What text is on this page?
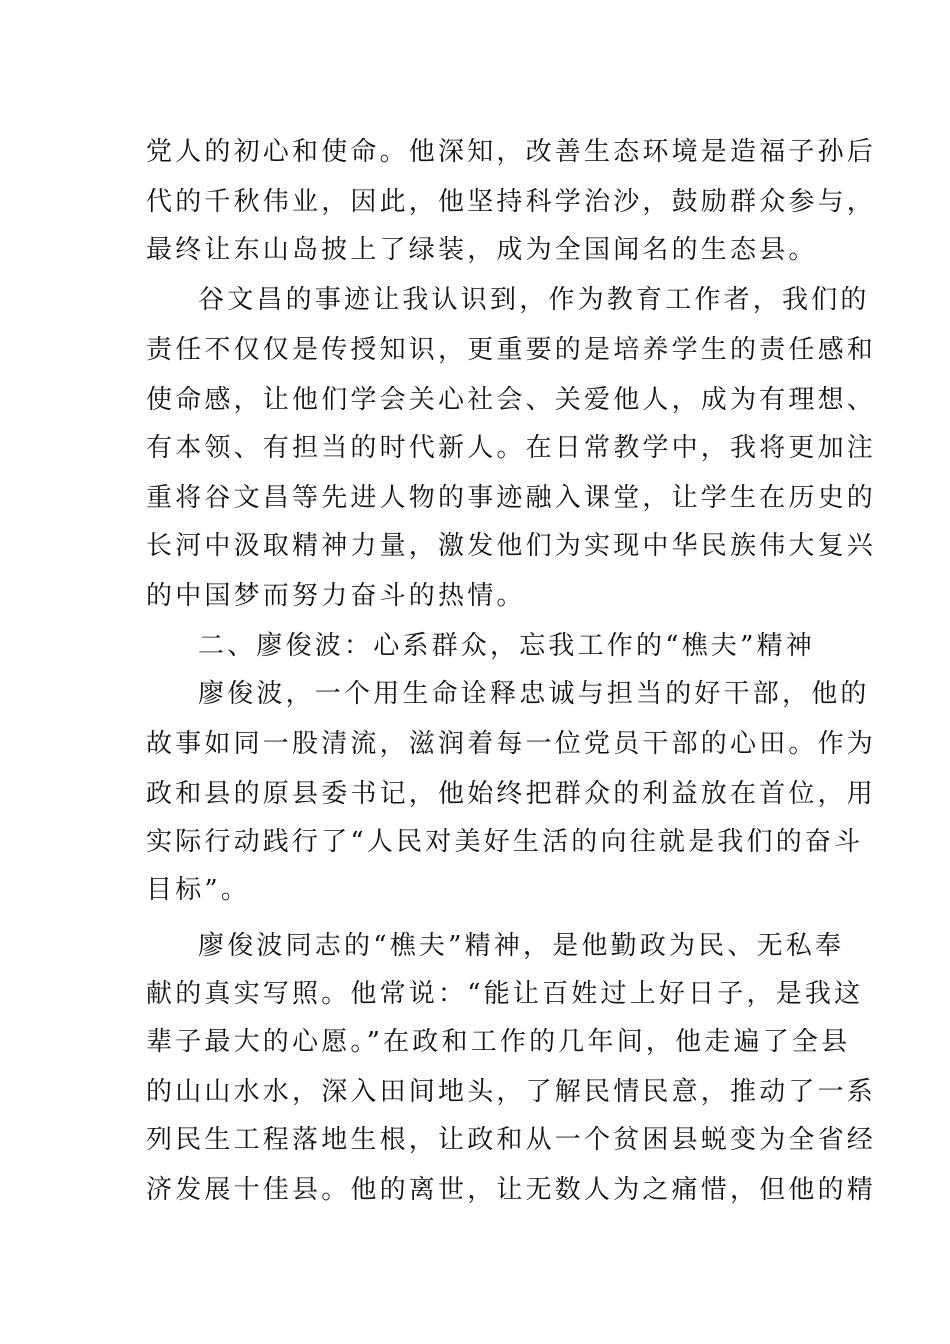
党人的初心和使命。他深知，改善生态环境是造福子孙后
代的千秋伟业，因此，他坚持科学治沙，鼓励群众参与，
最终让东山岛披上了绿装，成为全国闻名的生态县。
谷文昌的事迹让我认识到，作为教育工作者，我们的
责任不仅仅是传授知识，更重要的是培养学生的责任感和
使命感，让他们学会关心社会、关爱他人，成为有理想、
有本领、有担当的时代新人。在日常教学中，我将更加注
重将谷文昌等先进人物的事迹融入课堂，让学生在历史的
长河中汲取精神力量，激发他们为实现中华民族伟大复兴
的中国梦而努力奋斗的热情。
二、廖俊波：心系群众，忘我工作的“樵夫”精神
廖俊波，一个用生命诠释忠诚与担当的好干部，他的
故事如同一股清流，滋润着每一位党员干部的心田。作为
政和县的原县委书记，他始终把群众的利益放在首位，用
实际行动践行了“人民对美好生活的向往就是我们的奋斗
目标”。
廖俊波同志的“樵夫”精神，是他勤政为民、无私奉
献的真实写照。他常说：“能让百姓过上好日子，是我这
辈子最大的心愿。”在政和工作的几年间，他走遍了全县
的山山水水，深入田间地头，了解民情民意，推动了一系
列民生工程落地生根，让政和从一个贫困县蜕变为全省经
济发展十佳县。他的离世，让无数人为之痛惜，但他的精
